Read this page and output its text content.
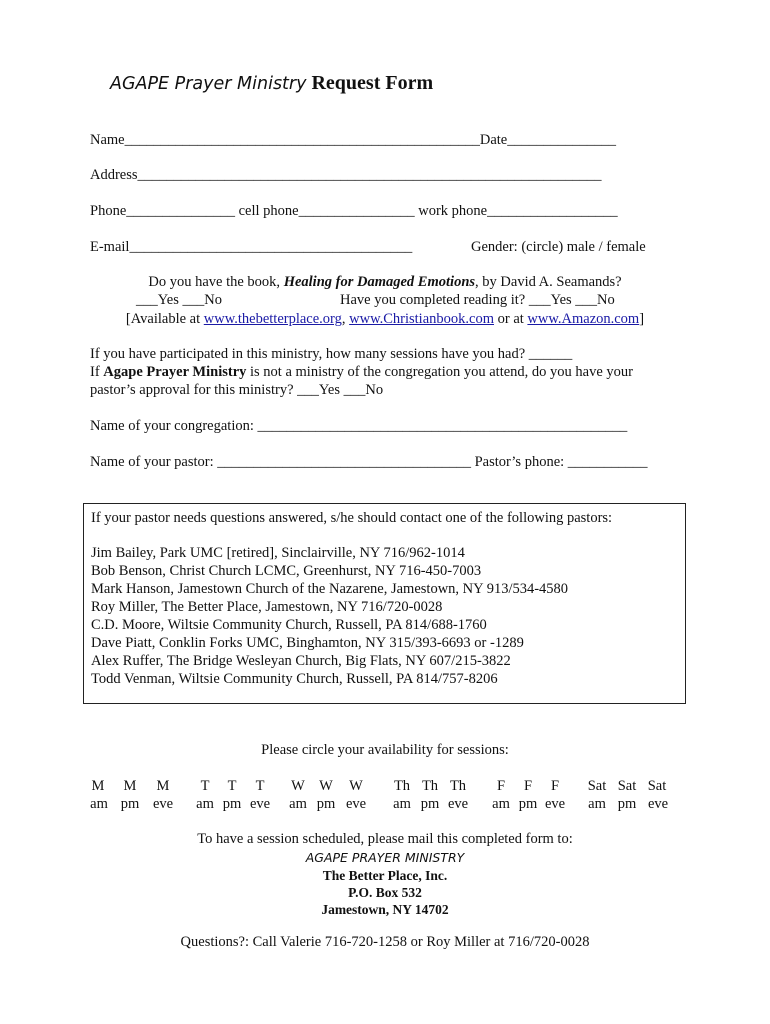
AGAPE Prayer Ministry Request Form
Name_________________________________________________Date_______________
Address________________________________________________________________
Phone_______________ cell phone________________ work phone__________________
E-mail_______________________________________	Gender: (circle) male / female
Do you have the book, Healing for Damaged Emotions, by David A. Seamands?
___Yes ___No	Have you completed reading it? ___Yes ___No
[Available at www.thebetterplace.org, www.Christianbook.com or at www.Amazon.com]
If you have participated in this ministry, how many sessions have you had? ______
If Agape Prayer Ministry is not a ministry of the congregation you attend, do you have your
pastor’s approval for this ministry? ___Yes ___No
Name of your congregation: ___________________________________________________
Name of your pastor: ___________________________________ Pastor’s phone: ___________
If your pastor needs questions answered, s/he should contact one of the following pastors:
Jim Bailey, Park UMC [retired], Sinclairville, NY 716/962-1014
Bob Benson, Christ Church LCMC, Greenhurst, NY 716-450-7003
Mark Hanson, Jamestown Church of the Nazarene, Jamestown, NY 913/534-4580
Roy Miller, The Better Place, Jamestown, NY 716/720-0028
C.D. Moore, Wiltsie Community Church, Russell, PA 814/688-1760
Dave Piatt, Conklin Forks UMC, Binghamton, NY 315/393-6693 or -1289
Alex Ruffer, The Bridge Wesleyan Church, Big Flats, NY 607/215-3822
Todd Venman, Wiltsie Community Church, Russell, PA 814/757-8206
Please circle your availability for sessions:
M	M	M
am pm eve
T	T	T
am pm eve
W W	W
am pm eve
Th Th Th
am pm eve
F	F	F
am pm eve
Sat Sat Sat
am pm eve
To have a session scheduled, please mail this completed form to:
AGAPE PRAYER MINISTRY
The Better Place, Inc.
P.O. Box 532
Jamestown, NY 14702
Questions?: Call Valerie 716-720-1258 or Roy Miller at 716/720-0028
